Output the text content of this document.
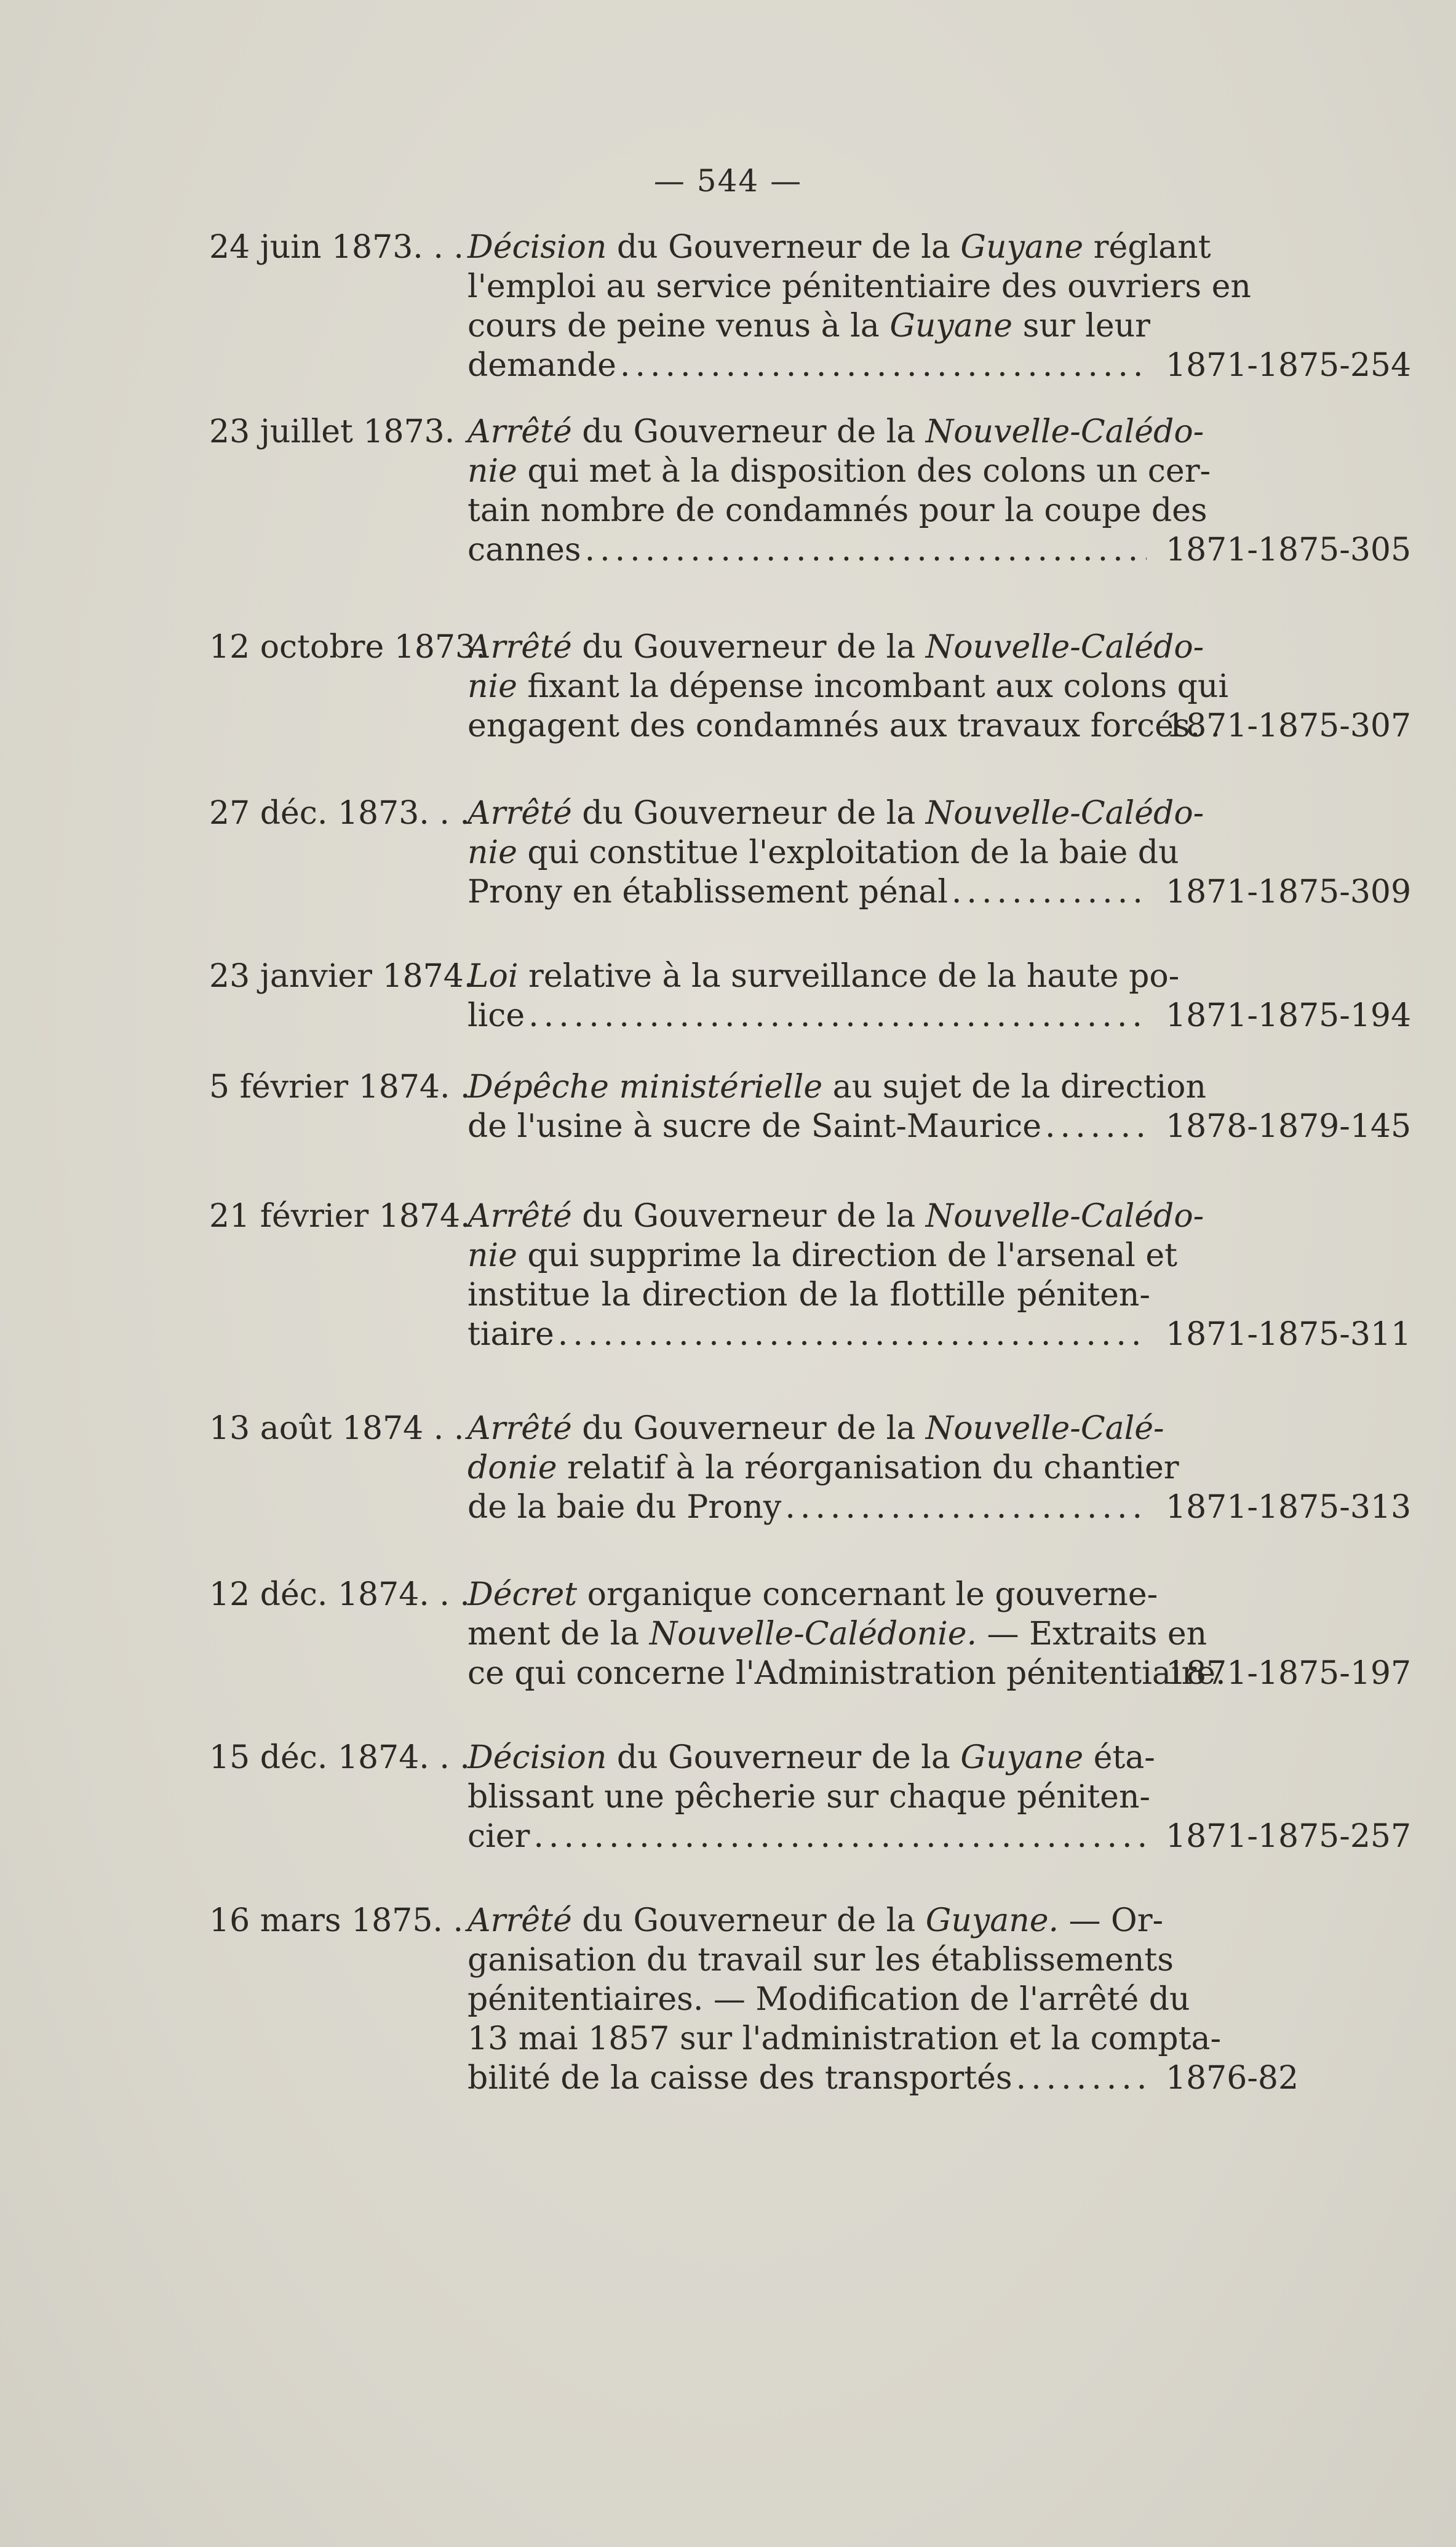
— 544 —
24 juin 1873. . . Décision du Gouverneur de la Guyane réglant
l'emploi au service pénitentiaire des ouvriers en
cours de peine venus à la Guyane sur leur
demande .....	1871-1875-254
23 juillet 1873. Arrêté du Gouverneur de la Nouvelle-Calédo-
nie qui met à la disposition des colons un cer-
tain nombre de condamnés pour la coupe des
cannes .....	1871-1875-305
12 octobre 1873.
Arrêté du Gouverneur de la Nouvelle-Calédo-
nie fixant la dépense incombant aux colons qui
engagent des condamnés aux travaux forcés. .
1871-1875-307
27 déc. 1873. . .
Arrêté du Gouverneur de la Nouvelle-Calédo-
nie qui constitue l'exploitation de la baie du
Prony en établissement pénal .....	1871-1875-309
23 janvier 1874.
Loi relative à la surveillance de la haute po-
lice .....	1871-1875-194
5 février 1874. .
Dépêche ministérielle au sujet de la direction
de l'usine à sucre de Saint-Maurice .....	1878-1879-145
21 février 1874.
Arrêté du Gouverneur de la Nouvelle-Calédo-
nie qui supprime la direction de l'arsenal et
institue la direction de la flottille péniten-
tiaire .....	1871-1875-311
13 août 1874 . . Arrêté du Gouverneur de la Nouvelle-Calé-
donie relatif à la réorganisation du chantier
de la baie du Prony .....	1871-1875-313
12 déc. 1874. . .
Décret organique concernant le gouverne-
ment de la Nouvelle-Calédonie. — Extraits en
ce qui concerne l'Administration pénitentiaire.
1871-1875-197
15 déc. 1874. . .
Décision du Gouverneur de la Guyane éta-
blissant une pêcherie sur chaque péniten-
cier .....	1871-1875-257
16 mars 1875. . Arrêté du Gouverneur de la Guyane. — Or-
ganisation du travail sur les établissements
pénitentiaires. — Modification de l'arrêté du
13 mai 1857 sur l'administration et la compta-
bilité de la caisse des transportés .....	1876-82
